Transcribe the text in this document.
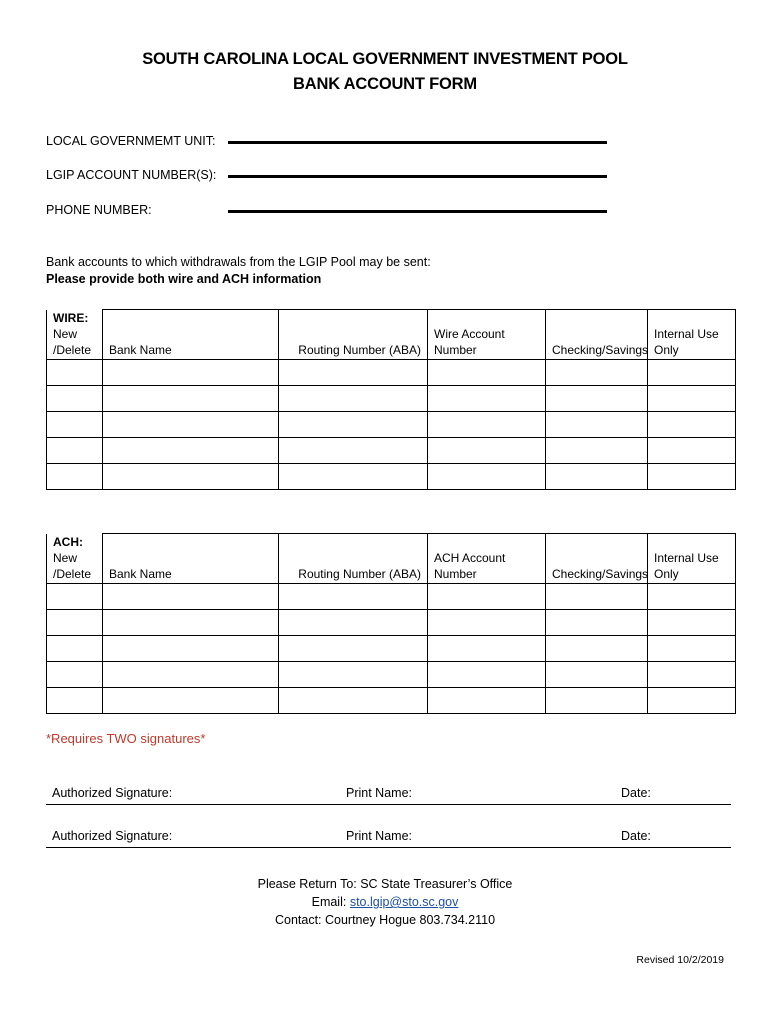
SOUTH CAROLINA LOCAL GOVERNMENT INVESTMENT POOL
BANK ACCOUNT FORM
LOCAL GOVERNMEMT UNIT:
LGIP ACCOUNT NUMBER(S):
PHONE NUMBER:
Bank accounts to which withdrawals from the LGIP Pool may be sent:
Please provide both wire and ACH information
WIRE:
New
/Delete	Bank Name	Routing Number (ABA)	Wire Account
Number	Checking/Savings	Internal Use
Only

ACH:
New
/Delete	Bank Name	Routing Number (ABA)	ACH Account
Number	Checking/Savings	Internal Use
Only

*Requires TWO signatures*
Authorized Signature:	Print Name:	Date:
Authorized Signature:	Print Name:	Date:
Please Return To: SC State Treasurer’s Office
Email: sto.lgip@sto.sc.gov
Contact: Courtney Hogue 803.734.2110
Revised 10/2/2019
